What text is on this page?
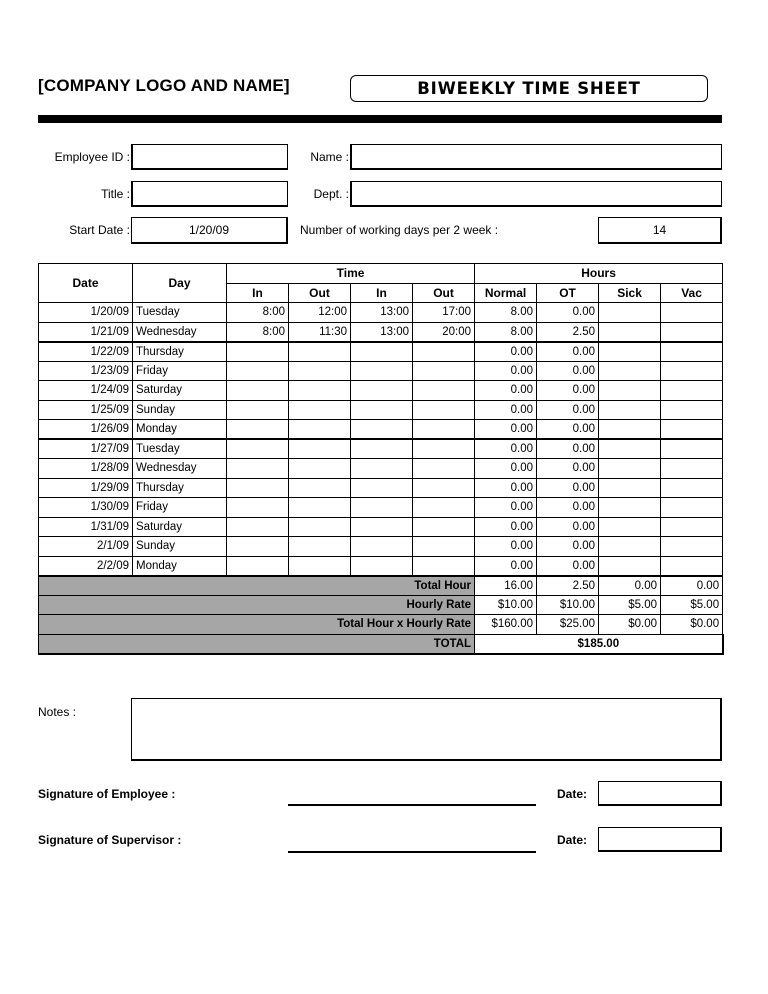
[COMPANY LOGO AND NAME]	BIWEEKLY TIME SHEET
Employee ID :	Name :
Title :	Dept. :
Start Date :	1/20/09	Number of working days per 2 week :	14
Date	Day	Time				Hours			
		In	Out	In	Out	Normal	OT	Sick	Vac
1/20/09	Tuesday	8:00	12:00	13:00	17:00	8.00	0.00		
1/21/09	Wednesday	8:00	11:30	13:00	20:00	8.00	2.50		
1/22/09	Thursday					0.00	0.00		
1/23/09	Friday					0.00	0.00		
1/24/09	Saturday					0.00	0.00		
1/25/09	Sunday					0.00	0.00		
1/26/09	Monday					0.00	0.00		
1/27/09	Tuesday					0.00	0.00		
1/28/09	Wednesday					0.00	0.00		
1/29/09	Thursday					0.00	0.00		
1/30/09	Friday					0.00	0.00		
1/31/09	Saturday					0.00	0.00		
2/1/09	Sunday					0.00	0.00		
2/2/09	Monday					0.00	0.00		
Total Hour						16.00	2.50	0.00	0.00
Hourly Rate						$10.00	$10.00	$5.00	$5.00
Total Hour x Hourly Rate						$160.00	$25.00	$0.00	$0.00
TOTAL						$185.00			
Notes :
Signature of Employee :	Date:
Signature of Supervisor :	Date:
